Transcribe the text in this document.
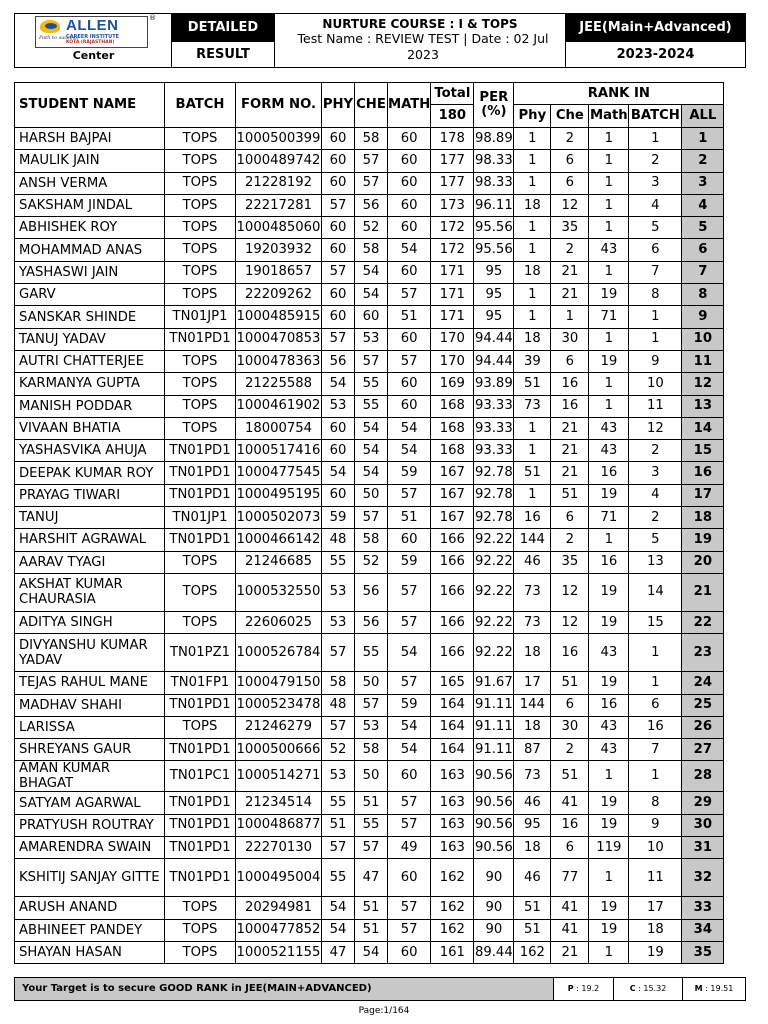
Path to success
ALLEN
CAREER INSTITUTE
KOTA (RAJASTHAN)
®
Center
DETAILED
RESULT
NURTURE COURSE : I & TOPS
Test Name : REVIEW TEST | Date : 02 Jul 2023
JEE(Main+Advanced)
2023-2024
STUDENT NAME	BATCH	FORM NO.	PHY	CHE	MATH	Total	PER (%)	RANK IN				
						180		Phy	Che	Math	BATCH	ALL
HARSH BAJPAI	TOPS	1000500399	60	58	60	178	98.89	1	2	1	1	1
MAULIK JAIN	TOPS	1000489742	60	57	60	177	98.33	1	6	1	2	2
ANSH VERMA	TOPS	21228192	60	57	60	177	98.33	1	6	1	3	3
SAKSHAM JINDAL	TOPS	22217281	57	56	60	173	96.11	18	12	1	4	4
ABHISHEK ROY	TOPS	1000485060	60	52	60	172	95.56	1	35	1	5	5
MOHAMMAD ANAS	TOPS	19203932	60	58	54	172	95.56	1	2	43	6	6
YASHASWI JAIN	TOPS	19018657	57	54	60	171	95	18	21	1	7	7
GARV	TOPS	22209262	60	54	57	171	95	1	21	19	8	8
SANSKAR SHINDE	TN01JP1	1000485915	60	60	51	171	95	1	1	71	1	9
TANUJ YADAV	TN01PD1	1000470853	57	53	60	170	94.44	18	30	1	1	10
AUTRI CHATTERJEE	TOPS	1000478363	56	57	57	170	94.44	39	6	19	9	11
KARMANYA GUPTA	TOPS	21225588	54	55	60	169	93.89	51	16	1	10	12
MANISH PODDAR	TOPS	1000461902	53	55	60	168	93.33	73	16	1	11	13
VIVAAN BHATIA	TOPS	18000754	60	54	54	168	93.33	1	21	43	12	14
YASHASVIKA AHUJA	TN01PD1	1000517416	60	54	54	168	93.33	1	21	43	2	15
DEEPAK KUMAR ROY	TN01PD1	1000477545	54	54	59	167	92.78	51	21	16	3	16
PRAYAG TIWARI	TN01PD1	1000495195	60	50	57	167	92.78	1	51	19	4	17
TANUJ	TN01JP1	1000502073	59	57	51	167	92.78	16	6	71	2	18
HARSHIT AGRAWAL	TN01PD1	1000466142	48	58	60	166	92.22	144	2	1	5	19
AARAV TYAGI	TOPS	21246685	55	52	59	166	92.22	46	35	16	13	20
AKSHAT KUMAR CHAURASIA	TOPS	1000532550	53	56	57	166	92.22	73	12	19	14	21
ADITYA SINGH	TOPS	22606025	53	56	57	166	92.22	73	12	19	15	22
DIVYANSHU KUMAR YADAV	TN01PZ1	1000526784	57	55	54	166	92.22	18	16	43	1	23
TEJAS RAHUL MANE	TN01FP1	1000479150	58	50	57	165	91.67	17	51	19	1	24
MADHAV SHAHI	TN01PD1	1000523478	48	57	59	164	91.11	144	6	16	6	25
LARISSA	TOPS	21246279	57	53	54	164	91.11	18	30	43	16	26
SHREYANS GAUR	TN01PD1	1000500666	52	58	54	164	91.11	87	2	43	7	27
AMAN KUMAR BHAGAT	TN01PC1	1000514271	53	50	60	163	90.56	73	51	1	1	28
SATYAM AGARWAL	TN01PD1	21234514	55	51	57	163	90.56	46	41	19	8	29
PRATYUSH ROUTRAY	TN01PD1	1000486877	51	55	57	163	90.56	95	16	19	9	30
AMARENDRA SWAIN	TN01PD1	22270130	57	57	49	163	90.56	18	6	119	10	31
KSHITIJ SANJAY GITTE	TN01PD1	1000495004	55	47	60	162	90	46	77	1	11	32
ARUSH ANAND	TOPS	20294981	54	51	57	162	90	51	41	19	17	33
ABHINEET PANDEY	TOPS	1000477852	54	51	57	162	90	51	41	19	18	34
SHAYAN HASAN	TOPS	1000521155	47	54	60	161	89.44	162	21	1	19	35
Your Target is to secure GOOD RANK in JEE(MAIN+ADVANCED)	P : 19.2	C : 15.32	M : 19.51
Page:1/164
